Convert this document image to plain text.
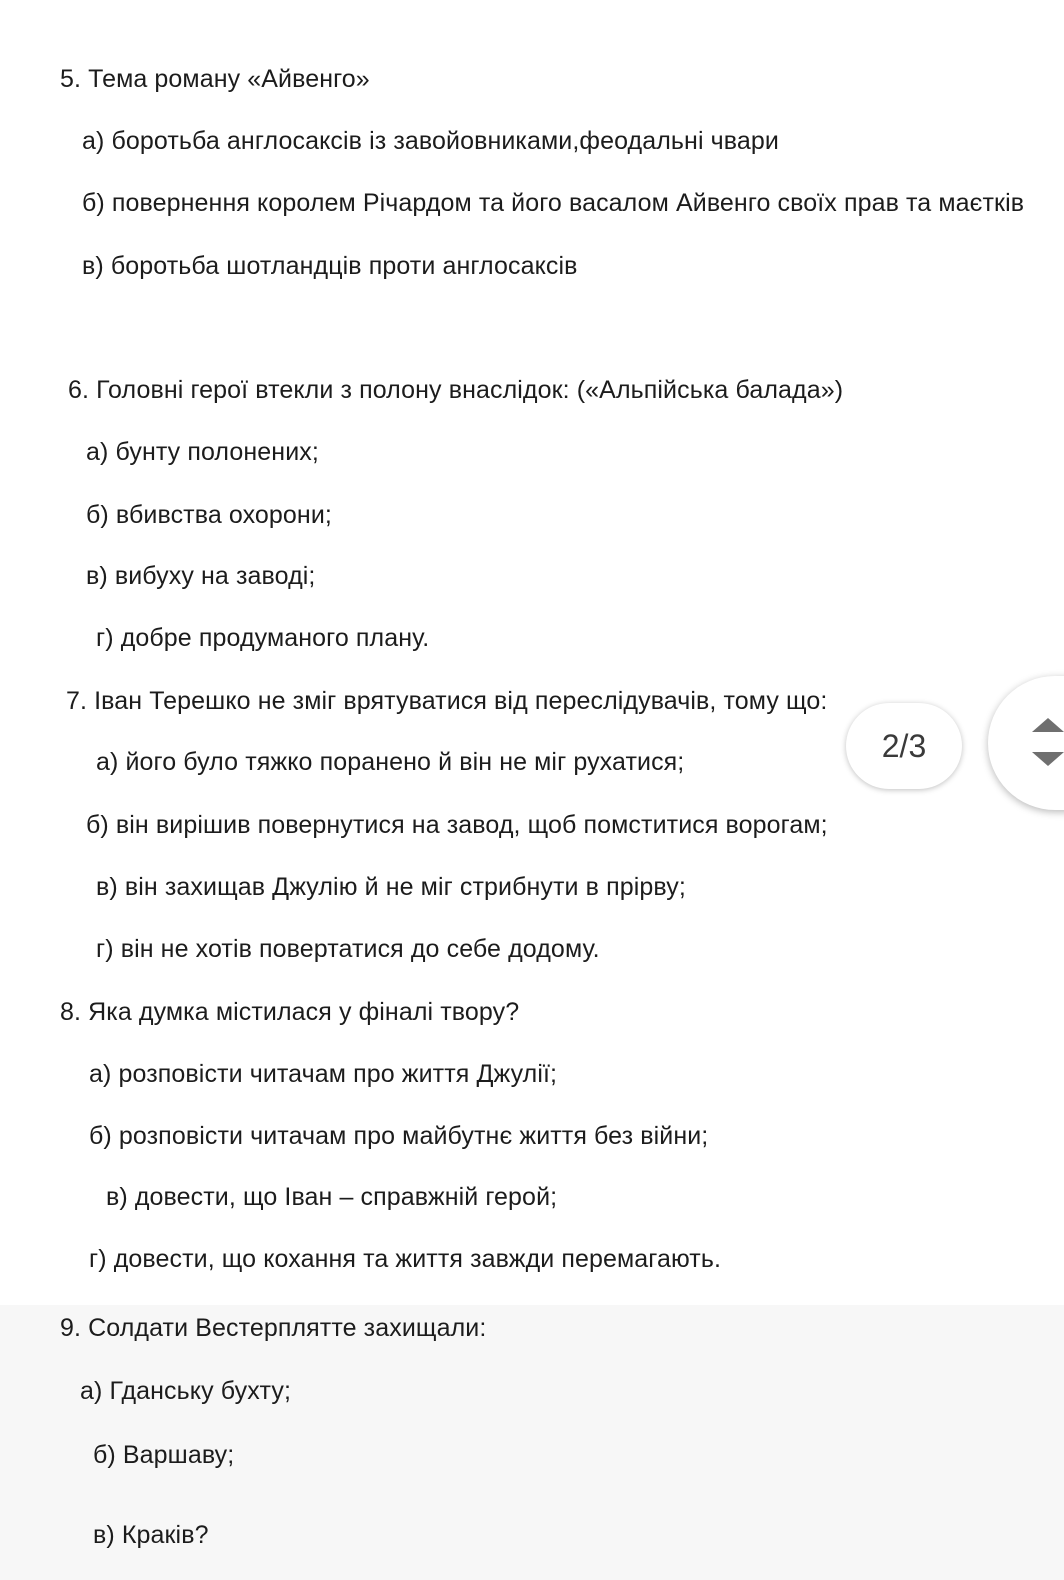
5. Тема роману «Айвенго»
а) боротьба англосаксів із завойовниками,феодальні чвари
б) повернення королем Річардом та його васалом Айвенго своїх прав та маєтків
в) боротьба шотландців проти англосаксів
6. Головні герої втекли з полону внаслідок: («Альпійська балада»)
а) бунту полонених;
б) вбивства охорони;
в) вибуху на заводі;
г) добре продуманого плану.
7. Іван Терешко не зміг врятуватися від переслідувачів, тому що:
а) його було тяжко поранено й він не міг рухатися;
б) він вирішив повернутися на завод, щоб помститися ворогам;
в) він захищав Джулію й не міг стрибнути в прірву;
г) він не хотів повертатися до себе додому.
8. Яка думка містилася у фіналі твору?
а) розповісти читачам про життя Джулії;
б) розповісти читачам про майбутнє життя без війни;
в) довести, що Іван – справжній герой;
г) довести, що кохання та життя завжди перемагають.
9. Солдати Вестерплятте захищали:
а) Гданську бухту;
б) Варшаву;
в) Краків?
2/3
